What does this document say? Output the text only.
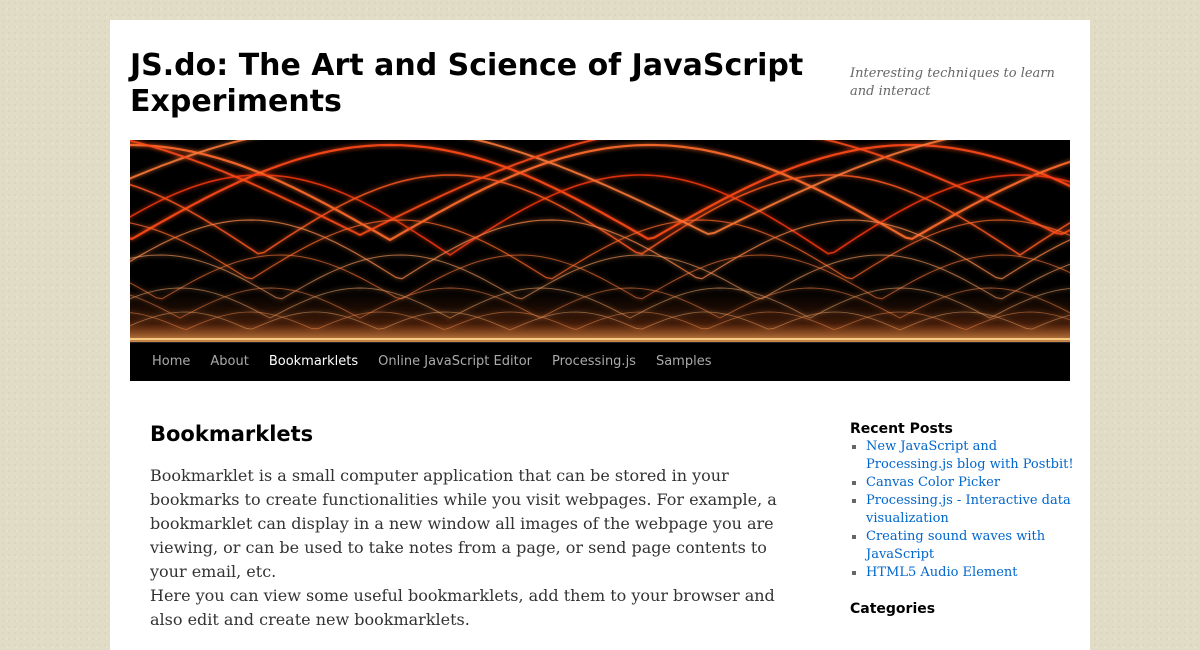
JS.do: The Art and Science of JavaScript Experiments

Interesting techniques to learn and interact

Home	About	Bookmarklets	Online JavaScript Editor	Processing.js	Samples
Bookmarklets

Bookmarklet is a small computer application that can be stored in your bookmarks to create functionalities while you visit webpages. For example, a bookmarklet can display in a new window all images of the webpage you are viewing, or can be used to take notes from a page, or send page contents to your email, etc.

Here you can view some useful bookmarklets, add them to your browser and also edit and create new bookmarklets.

Recent Posts
▪ New JavaScript and Processing.js blog with Postbit!
▪ Canvas Color Picker
▪ Processing.js - Interactive data visualization
▪ Creating sound waves with JavaScript
▪ HTML5 Audio Element
Categories
